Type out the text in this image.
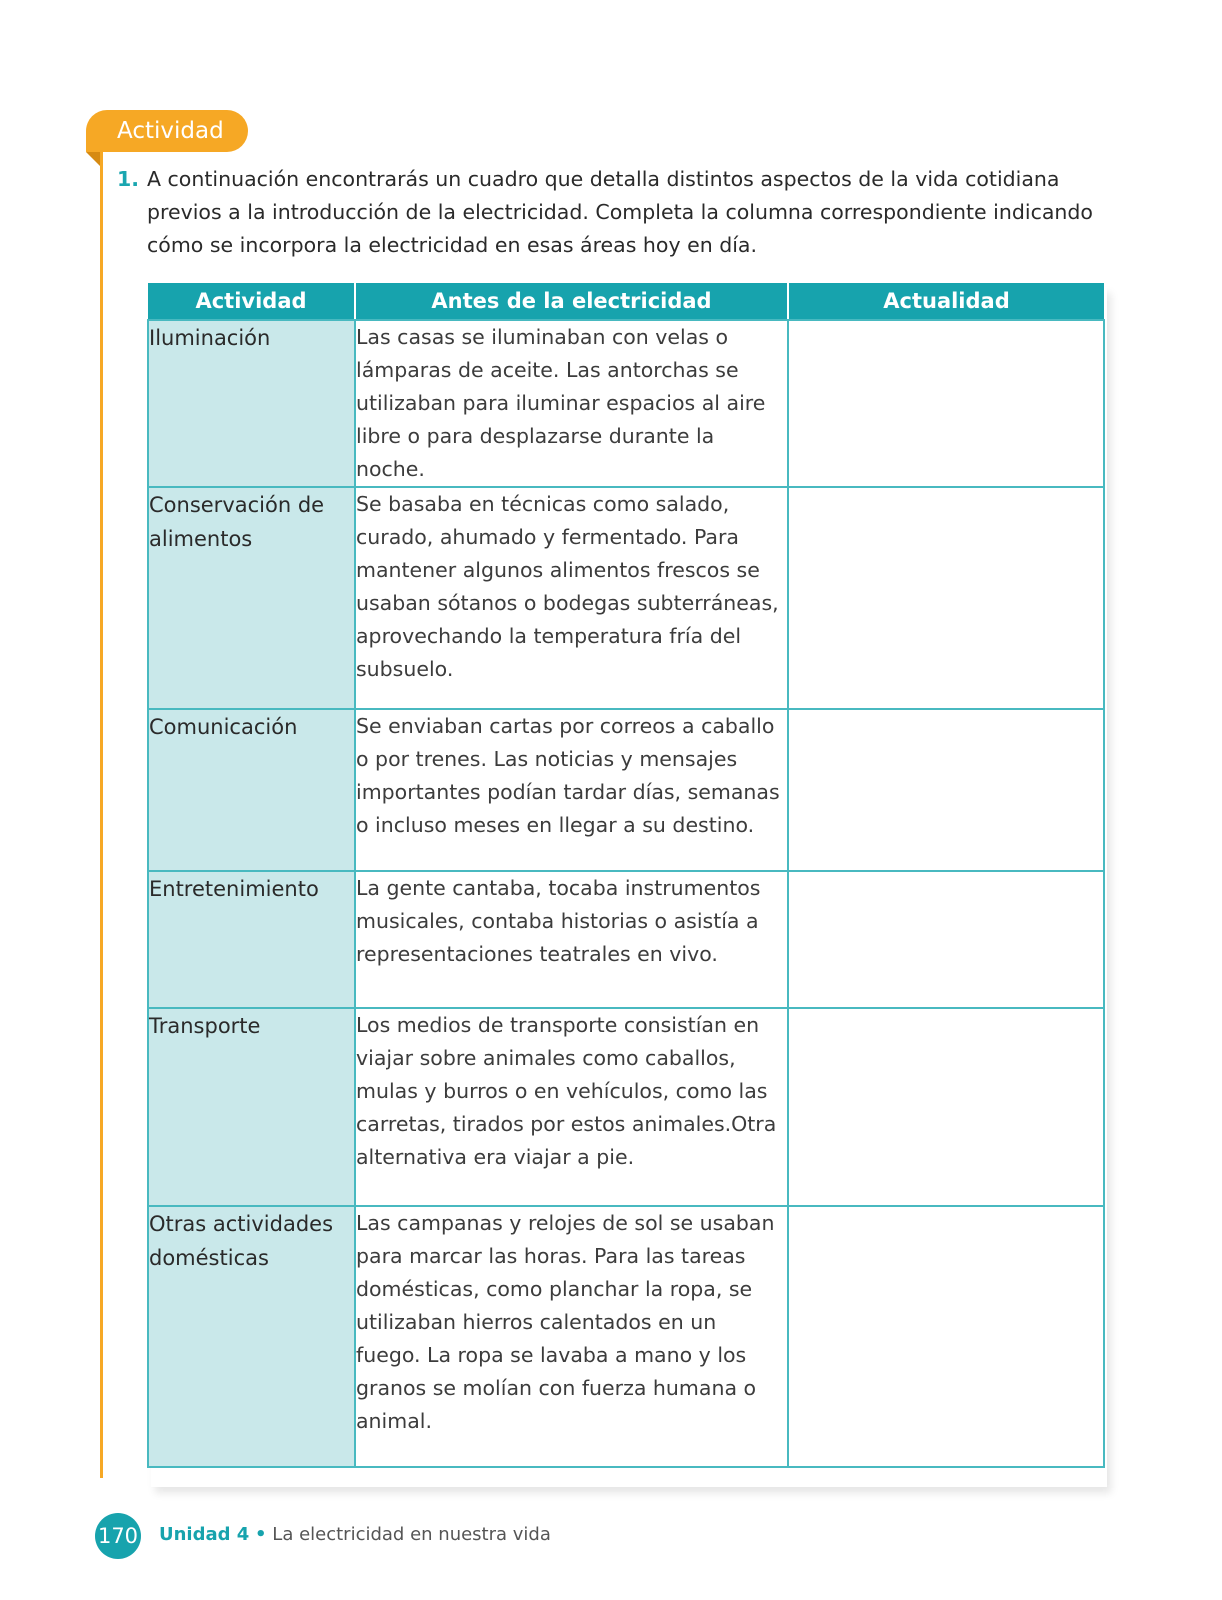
Actividad
1. A continuación encontrarás un cuadro que detalla distintos aspectos de la vida cotidiana previos a la introducción de la electricidad. Completa la columna correspondiente indicando cómo se incorpora la electricidad en esas áreas hoy en día.
Actividad	Antes de la electricidad	Actualidad
Iluminación	Las casas se iluminaban con velas o lámparas de aceite. Las antorchas se utilizaban para iluminar espacios al aire libre o para desplazarse durante la noche.	
Conservación de alimentos	Se basaba en técnicas como salado, curado, ahumado y fermentado. Para mantener algunos alimentos frescos se usaban sótanos o bodegas subterráneas, aprovechando la temperatura fría del subsuelo.	
Comunicación	Se enviaban cartas por correos a caballo o por trenes. Las noticias y mensajes importantes podían tardar días, semanas o incluso meses en llegar a su destino.	
Entretenimiento	La gente cantaba, tocaba instrumentos musicales, contaba historias o asistía a representaciones teatrales en vivo.	
Transporte	Los medios de transporte consistían en viajar sobre animales como caballos, mulas y burros o en vehículos, como las carretas, tirados por estos animales.Otra alternativa era viajar a pie.	
Otras actividades domésticas	Las campanas y relojes de sol se usaban para marcar las horas. Para las tareas domésticas, como planchar la ropa, se utilizaban hierros calentados en un fuego. La ropa se lavaba a mano y los granos se molían con fuerza humana o animal.	
170 Unidad 4 • La electricidad en nuestra vida
